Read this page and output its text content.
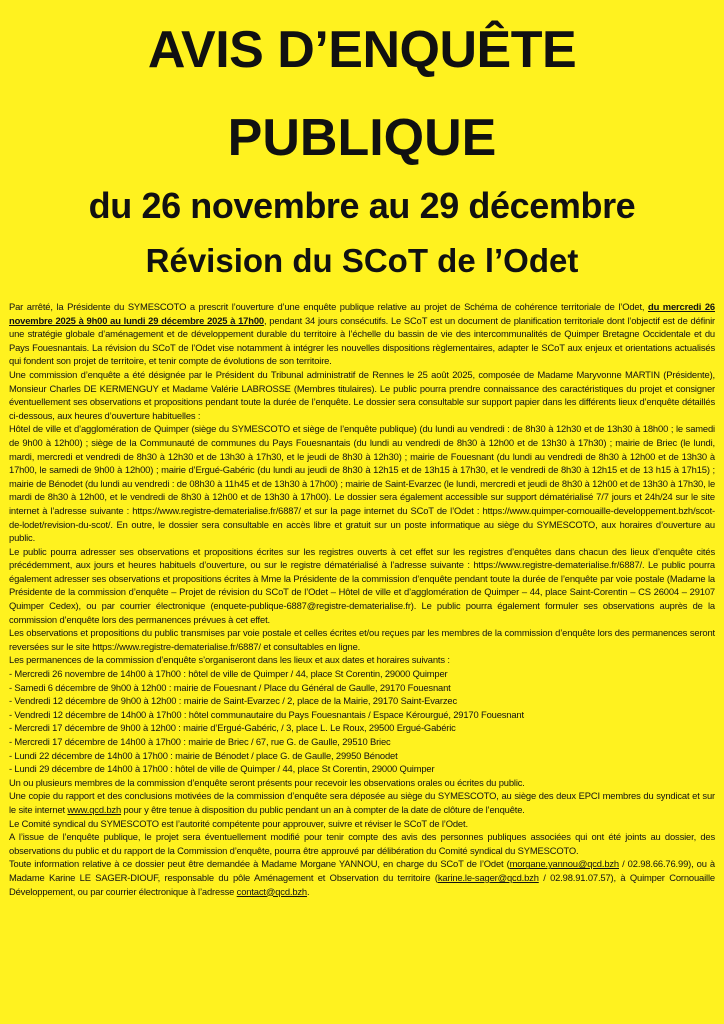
AVIS D’ENQUÊTE
PUBLIQUE
du 26 novembre au 29 décembre
Révision du SCoT de l’Odet

Par arrêté, la Présidente du SYMESCOTO a prescrit l’ouverture d’une enquête publique relative au projet de Schéma de cohérence territoriale de l’Odet, du mercredi 26 novembre 2025 à 9h00 au lundi 29 décembre 2025 à 17h00, pendant 34 jours consécutifs. Le SCoT est un document de planification territoriale dont l’objectif est de définir une stratégie globale d’aménagement et de développement durable du territoire à l’échelle du bassin de vie des intercommunalités de Quimper Bretagne Occidentale et du Pays Fouesnantais. La révision du SCoT de l’Odet vise notamment à intégrer les nouvelles dispositions règlementaires, adapter le SCoT aux enjeux et orientations actualisés qui fondent son projet de territoire, et tenir compte de évolutions de son territoire.

Une commission d’enquête a été désignée par le Président du Tribunal administratif de Rennes le 25 août 2025, composée de Madame Maryvonne MARTIN (Présidente), Monsieur Charles DE KERMENGUY et Madame Valérie LABROSSE (Membres titulaires). Le public pourra prendre connaissance des caractéristiques du projet et consigner éventuellement ses observations et propositions pendant toute la durée de l’enquête. Le dossier sera consultable sur support papier dans les différents lieux d’enquête détaillés ci-dessous, aux heures d’ouverture habituelles :

Hôtel de ville et d’agglomération de Quimper (siège du SYMESCOTO et siège de l’enquête publique) (du lundi au vendredi : de 8h30 à 12h30 et de 13h30 à 18h00 ; le samedi de 9h00 à 12h00) ; siège de la Communauté de communes du Pays Fouesnantais (du lundi au vendredi de 8h30 à 12h00 et de 13h30 à 17h30) ; mairie de Briec (le lundi, mardi, mercredi et vendredi de 8h30 à 12h30 et de 13h30 à 17h30, et le jeudi de 8h30 à 12h30) ; mairie de Fouesnant (du lundi au vendredi de 8h30 à 12h00 et de 13h30 à 17h00, le samedi de 9h00 à 12h00) ; mairie d’Ergué-Gabéric (du lundi au jeudi de 8h30 à 12h15 et de 13h15 à 17h30, et le vendredi de 8h30 à 12h15 et de 13 h15 à 17h15) ; mairie de Bénodet (du lundi au vendredi : de 08h30 à 11h45 et de 13h30 à 17h00) ; mairie de Saint-Evarzec (le lundi, mercredi et jeudi de 8h30 à 12h00 et de 13h30 à 17h30, le mardi de 8h30 à 12h00, et le vendredi de 8h30 à 12h00 et de 13h30 à 17h00). Le dossier sera également accessible sur support dématérialisé 7/7 jours et 24h/24 sur le site internet à l’adresse suivante : https://www.registre-dematerialise.fr/6887/ et sur la page internet du SCoT de l’Odet : https://www.quimper-cornouaille-developpement.bzh/scot-de-lodet/revision-du-scot/. En outre, le dossier sera consultable en accès libre et gratuit sur un poste informatique au siège du SYMESCOTO, aux horaires d’ouverture au public.

Le public pourra adresser ses observations et propositions écrites sur les registres ouverts à cet effet sur les registres d’enquêtes dans chacun des lieux d’enquête cités précédemment, aux jours et heures habituels d’ouverture, ou sur le registre dématérialisé à l’adresse suivante : https://www.registre-dematerialise.fr/6887/. Le public pourra également adresser ses observations et propositions écrites à Mme la Présidente de la commission d’enquête pendant toute la durée de l’enquête par voie postale (Madame la Présidente de la commission d’enquête – Projet de révision du SCoT de l’Odet – Hôtel de ville et d’agglomération de Quimper – 44, place Saint-Corentin – CS 26004 – 29107 Quimper Cedex), ou par courrier électronique (enquete-publique-6887@registre-dematerialise.fr). Le public pourra également formuler ses observations auprès de la commission d’enquête lors des permanences prévues à cet effet.

Les observations et propositions du public transmises par voie postale et celles écrites et/ou reçues par les membres de la commission d’enquête lors des permanences seront reversées sur le site https://www.registre-dematerialise.fr/6887/ et consultables en ligne.

Les permanences de la commission d’enquête s’organiseront dans les lieux et aux dates et horaires suivants :

- Mercredi 26 novembre de 14h00 à 17h00 : hôtel de ville de Quimper / 44, place St Corentin, 29000 Quimper

- Samedi 6 décembre de 9h00 à 12h00 : mairie de Fouesnant / Place du Général de Gaulle, 29170 Fouesnant

- Vendredi 12 décembre de 9h00 à 12h00 : mairie de Saint-Evarzec / 2, place de la Mairie, 29170 Saint-Evarzec

- Vendredi 12 décembre de 14h00 à 17h00 : hôtel communautaire du Pays Fouesnantais / Espace Kérourgué, 29170 Fouesnant

- Mercredi 17 décembre de 9h00 à 12h00 : mairie d’Ergué-Gabéric, / 3, place L. Le Roux, 29500 Ergué-Gabéric

- Mercredi 17 décembre de 14h00 à 17h00 : mairie de Briec / 67, rue G. de Gaulle, 29510 Briec

- Lundi 22 décembre de 14h00 à 17h00 : mairie de Bénodet / place G. de Gaulle, 29950 Bénodet

- Lundi 29 décembre de 14h00 à 17h00 : hôtel de ville de Quimper / 44, place St Corentin, 29000 Quimper

Un ou plusieurs membres de la commission d’enquête seront présents pour recevoir les observations orales ou écrites du public.

Une copie du rapport et des conclusions motivées de la commission d’enquête sera déposée au siège du SYMESCOTO, au siège des deux EPCI membres du syndicat et sur le site internet www.qcd.bzh pour y être tenue à disposition du public pendant un an à compter de la date de clôture de l’enquête.

Le Comité syndical du SYMESCOTO est l’autorité compétente pour approuver, suivre et réviser le SCoT de l’Odet.

A l’issue de l’enquête publique, le projet sera éventuellement modifié pour tenir compte des avis des personnes publiques associées qui ont été joints au dossier, des observations du public et du rapport de la Commission d’enquête, pourra être approuvé par délibération du Comité syndical du SYMESCOTO.

Toute information relative à ce dossier peut être demandée à Madame Morgane YANNOU, en charge du SCoT de l’Odet (morgane.yannou@qcd.bzh / 02.98.66.76.99), ou à Madame Karine LE SAGER-DIOUF, responsable du pôle Aménagement et Observation du territoire (karine.le-sager@qcd.bzh / 02.98.91.07.57), à Quimper Cornouaille Développement, ou par courrier électronique à l’adresse contact@qcd.bzh.
